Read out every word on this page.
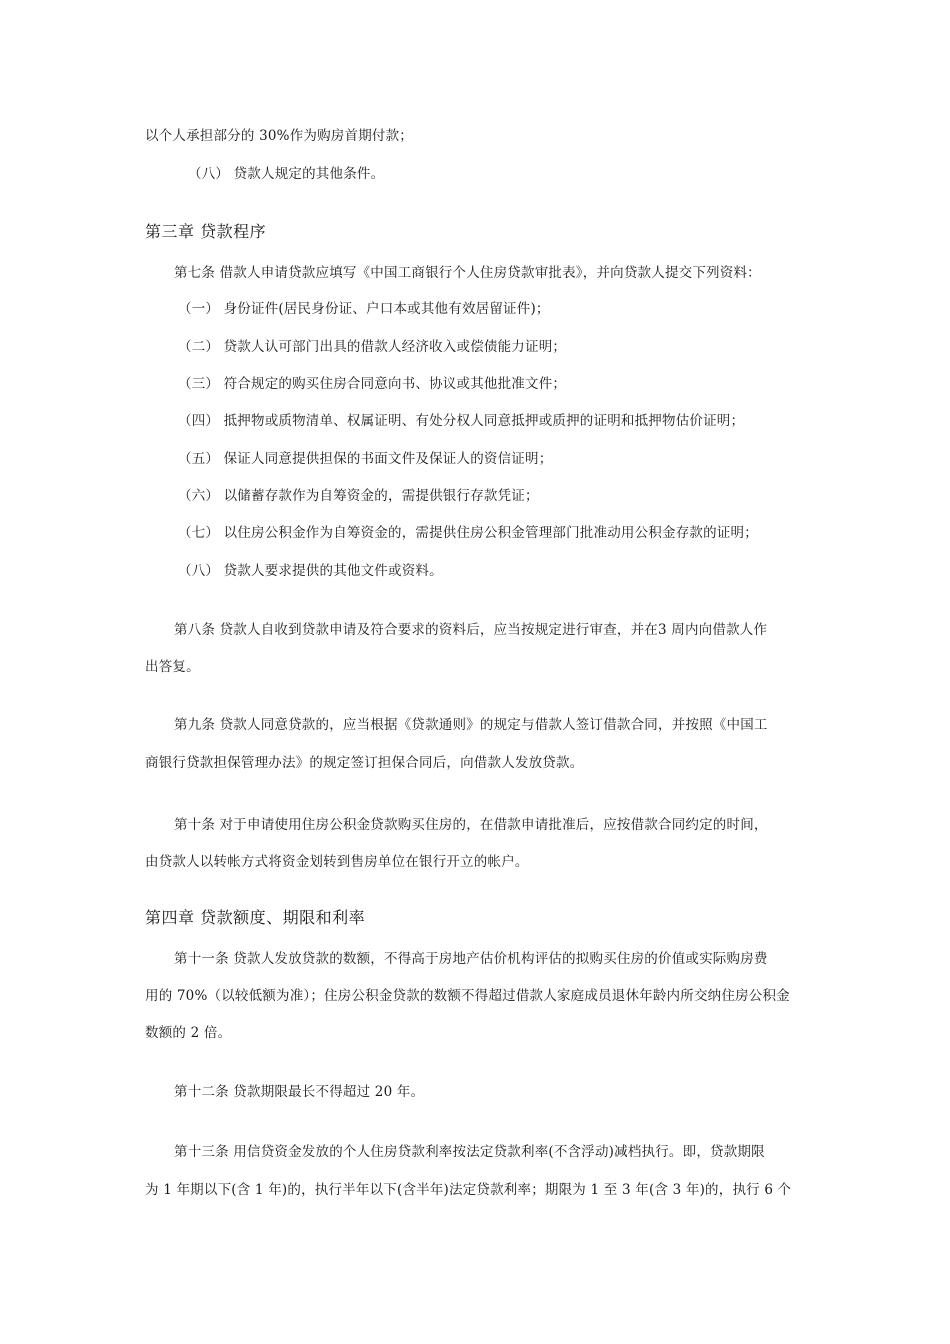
以个人承担部分的 30%作为购房首期付款；
（八） 贷款人规定的其他条件。
第三章 贷款程序
第七条 借款人申请贷款应填写《中国工商银行个人住房贷款审批表》，并向贷款人提交下列资料：
（一） 身份证件(居民身份证、户口本或其他有效居留证件)；
（二） 贷款人认可部门出具的借款人经济收入或偿债能力证明；
（三） 符合规定的购买住房合同意向书、协议或其他批准文件；
（四） 抵押物或质物清单、权属证明、有处分权人同意抵押或质押的证明和抵押物估价证明；
（五） 保证人同意提供担保的书面文件及保证人的资信证明；
（六） 以储蓄存款作为自筹资金的，需提供银行存款凭证；
（七） 以住房公积金作为自筹资金的，需提供住房公积金管理部门批准动用公积金存款的证明；
（八） 贷款人要求提供的其他文件或资料。
第八条 贷款人自收到贷款申请及符合要求的资料后，应当按规定进行审查，并在3 周内向借款人作
出答复。
第九条 贷款人同意贷款的，应当根据《贷款通则》的规定与借款人签订借款合同，并按照《中国工
商银行贷款担保管理办法》的规定签订担保合同后，向借款人发放贷款。
第十条 对于申请使用住房公积金贷款购买住房的，在借款申请批准后，应按借款合同约定的时间，
由贷款人以转帐方式将资金划转到售房单位在银行开立的帐户。
第四章 贷款额度、期限和利率
第十一条 贷款人发放贷款的数额，不得高于房地产估价机构评估的拟购买住房的价值或实际购房费
用的 70%（以较低额为准）；住房公积金贷款的数额不得超过借款人家庭成员退休年龄内所交纳住房公积金
数额的 2 倍。
第十二条 贷款期限最长不得超过 20 年。
第十三条 用信贷资金发放的个人住房贷款利率按法定贷款利率(不含浮动)减档执行。即，贷款期限
为 1 年期以下(含 1 年)的，执行半年以下(含半年)法定贷款利率；期限为 1 至 3 年(含 3 年)的，执行 6 个
